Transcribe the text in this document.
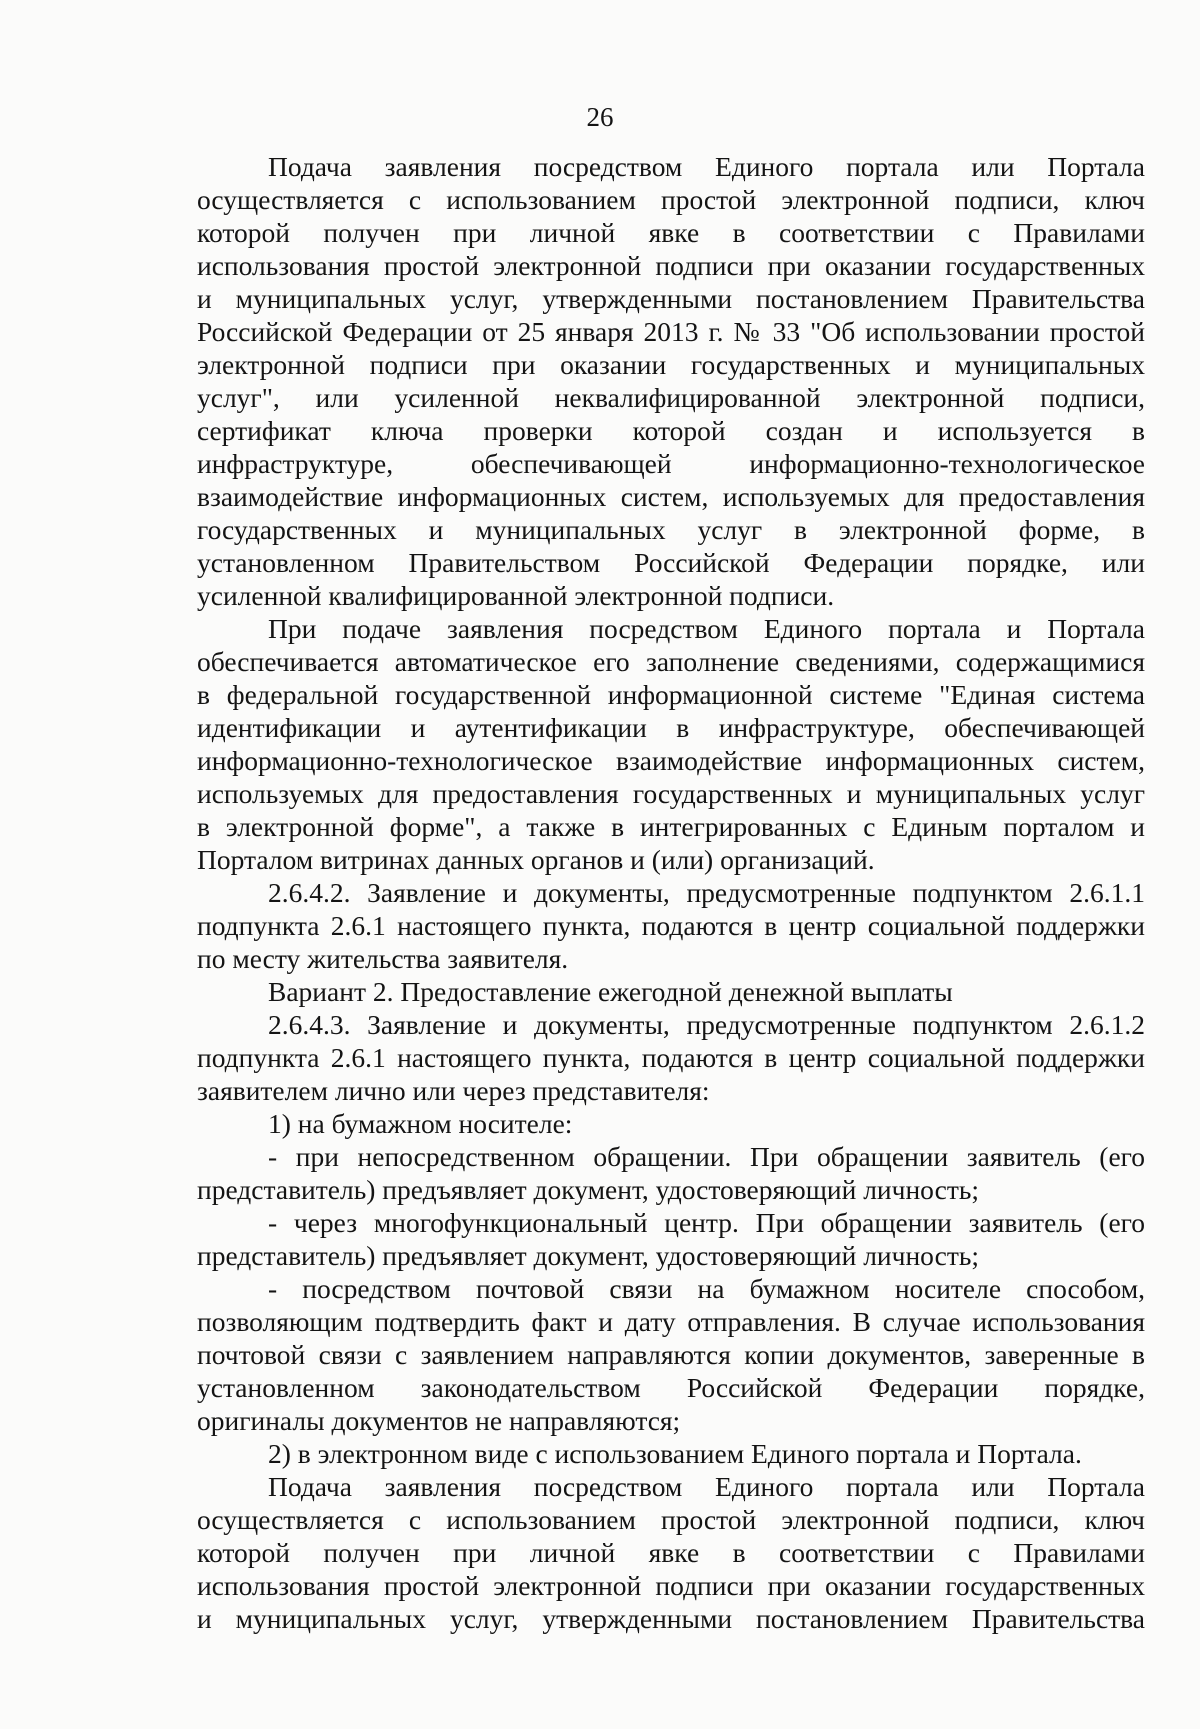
26
Подача заявления посредством Единого портала или Портала
осуществляется с использованием простой электронной подписи, ключ
которой получен при личной явке в соответствии с Правилами
использования простой электронной подписи при оказании государственных
и муниципальных услуг, утвержденными постановлением Правительства
Российской Федерации от 25 января 2013 г. № 33 "Об использовании простой
электронной подписи при оказании государственных и муниципальных
услуг", или усиленной неквалифицированной электронной подписи,
сертификат ключа проверки которой создан и используется в
инфраструктуре, обеспечивающей информационно-технологическое
взаимодействие информационных систем, используемых для предоставления
государственных и муниципальных услуг в электронной форме, в
установленном Правительством Российской Федерации порядке, или
усиленной квалифицированной электронной подписи.
При подаче заявления посредством Единого портала и Портала
обеспечивается автоматическое его заполнение сведениями, содержащимися
в федеральной государственной информационной системе "Единая система
идентификации и аутентификации в инфраструктуре, обеспечивающей
информационно-технологическое взаимодействие информационных систем,
используемых для предоставления государственных и муниципальных услуг
в электронной форме", а также в интегрированных с Единым порталом и
Порталом витринах данных органов и (или) организаций.
2.6.4.2. Заявление и документы, предусмотренные подпунктом 2.6.1.1
подпункта 2.6.1 настоящего пункта, подаются в центр социальной поддержки
по месту жительства заявителя.
Вариант 2. Предоставление ежегодной денежной выплаты
2.6.4.3. Заявление и документы, предусмотренные подпунктом 2.6.1.2
подпункта 2.6.1 настоящего пункта, подаются в центр социальной поддержки
заявителем лично или через представителя:
1) на бумажном носителе:
- при непосредственном обращении. При обращении заявитель (его
представитель) предъявляет документ, удостоверяющий личность;
- через многофункциональный центр. При обращении заявитель (его
представитель) предъявляет документ, удостоверяющий личность;
- посредством почтовой связи на бумажном носителе способом,
позволяющим подтвердить факт и дату отправления. В случае использования
почтовой связи с заявлением направляются копии документов, заверенные в
установленном законодательством Российской Федерации порядке,
оригиналы документов не направляются;
2) в электронном виде с использованием Единого портала и Портала.
Подача заявления посредством Единого портала или Портала
осуществляется с использованием простой электронной подписи, ключ
которой получен при личной явке в соответствии с Правилами
использования простой электронной подписи при оказании государственных
и муниципальных услуг, утвержденными постановлением Правительства
